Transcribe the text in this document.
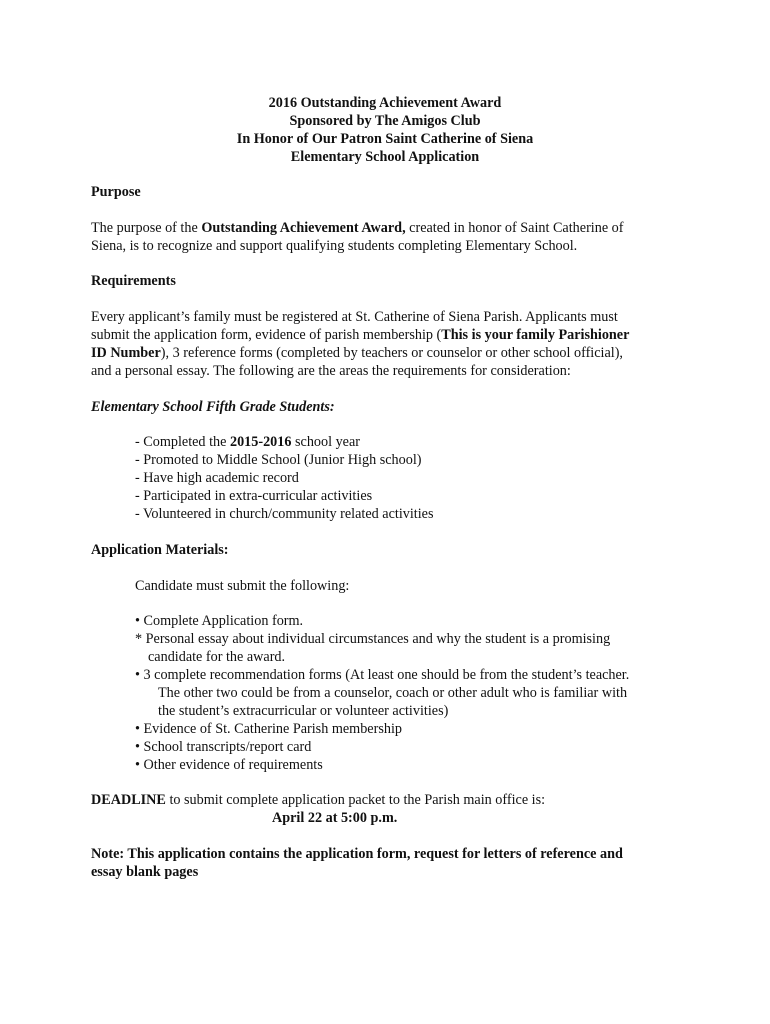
2016 Outstanding Achievement Award
Sponsored by The Amigos Club
In Honor of Our Patron Saint Catherine of Siena
Elementary School Application
Purpose
The purpose of the Outstanding Achievement Award, created in honor of Saint Catherine of
Siena, is to recognize and support qualifying students completing Elementary School.
Requirements
Every applicant’s family must be registered at St. Catherine of Siena Parish. Applicants must
submit the application form, evidence of parish membership (This is your family Parishioner
ID Number), 3 reference forms (completed by teachers or counselor or other school official),
and a personal essay. The following are the areas the requirements for consideration:
Elementary School Fifth Grade Students:
- Completed the 2015-2016 school year
- Promoted to Middle School (Junior High school)
- Have high academic record
- Participated in extra-curricular activities
- Volunteered in church/community related activities
Application Materials:
Candidate must submit the following:
• Complete Application form.
* Personal essay about individual circumstances and why the student is a promising
candidate for the award.
• 3 complete recommendation forms (At least one should be from the student’s teacher.
The other two could be from a counselor, coach or other adult who is familiar with
the student’s extracurricular or volunteer activities)
• Evidence of St. Catherine Parish membership
• School transcripts/report card
• Other evidence of requirements
DEADLINE to submit complete application packet to the Parish main office is:
April 22 at 5:00 p.m.
Note: This application contains the application form, request for letters of reference and
essay blank pages
